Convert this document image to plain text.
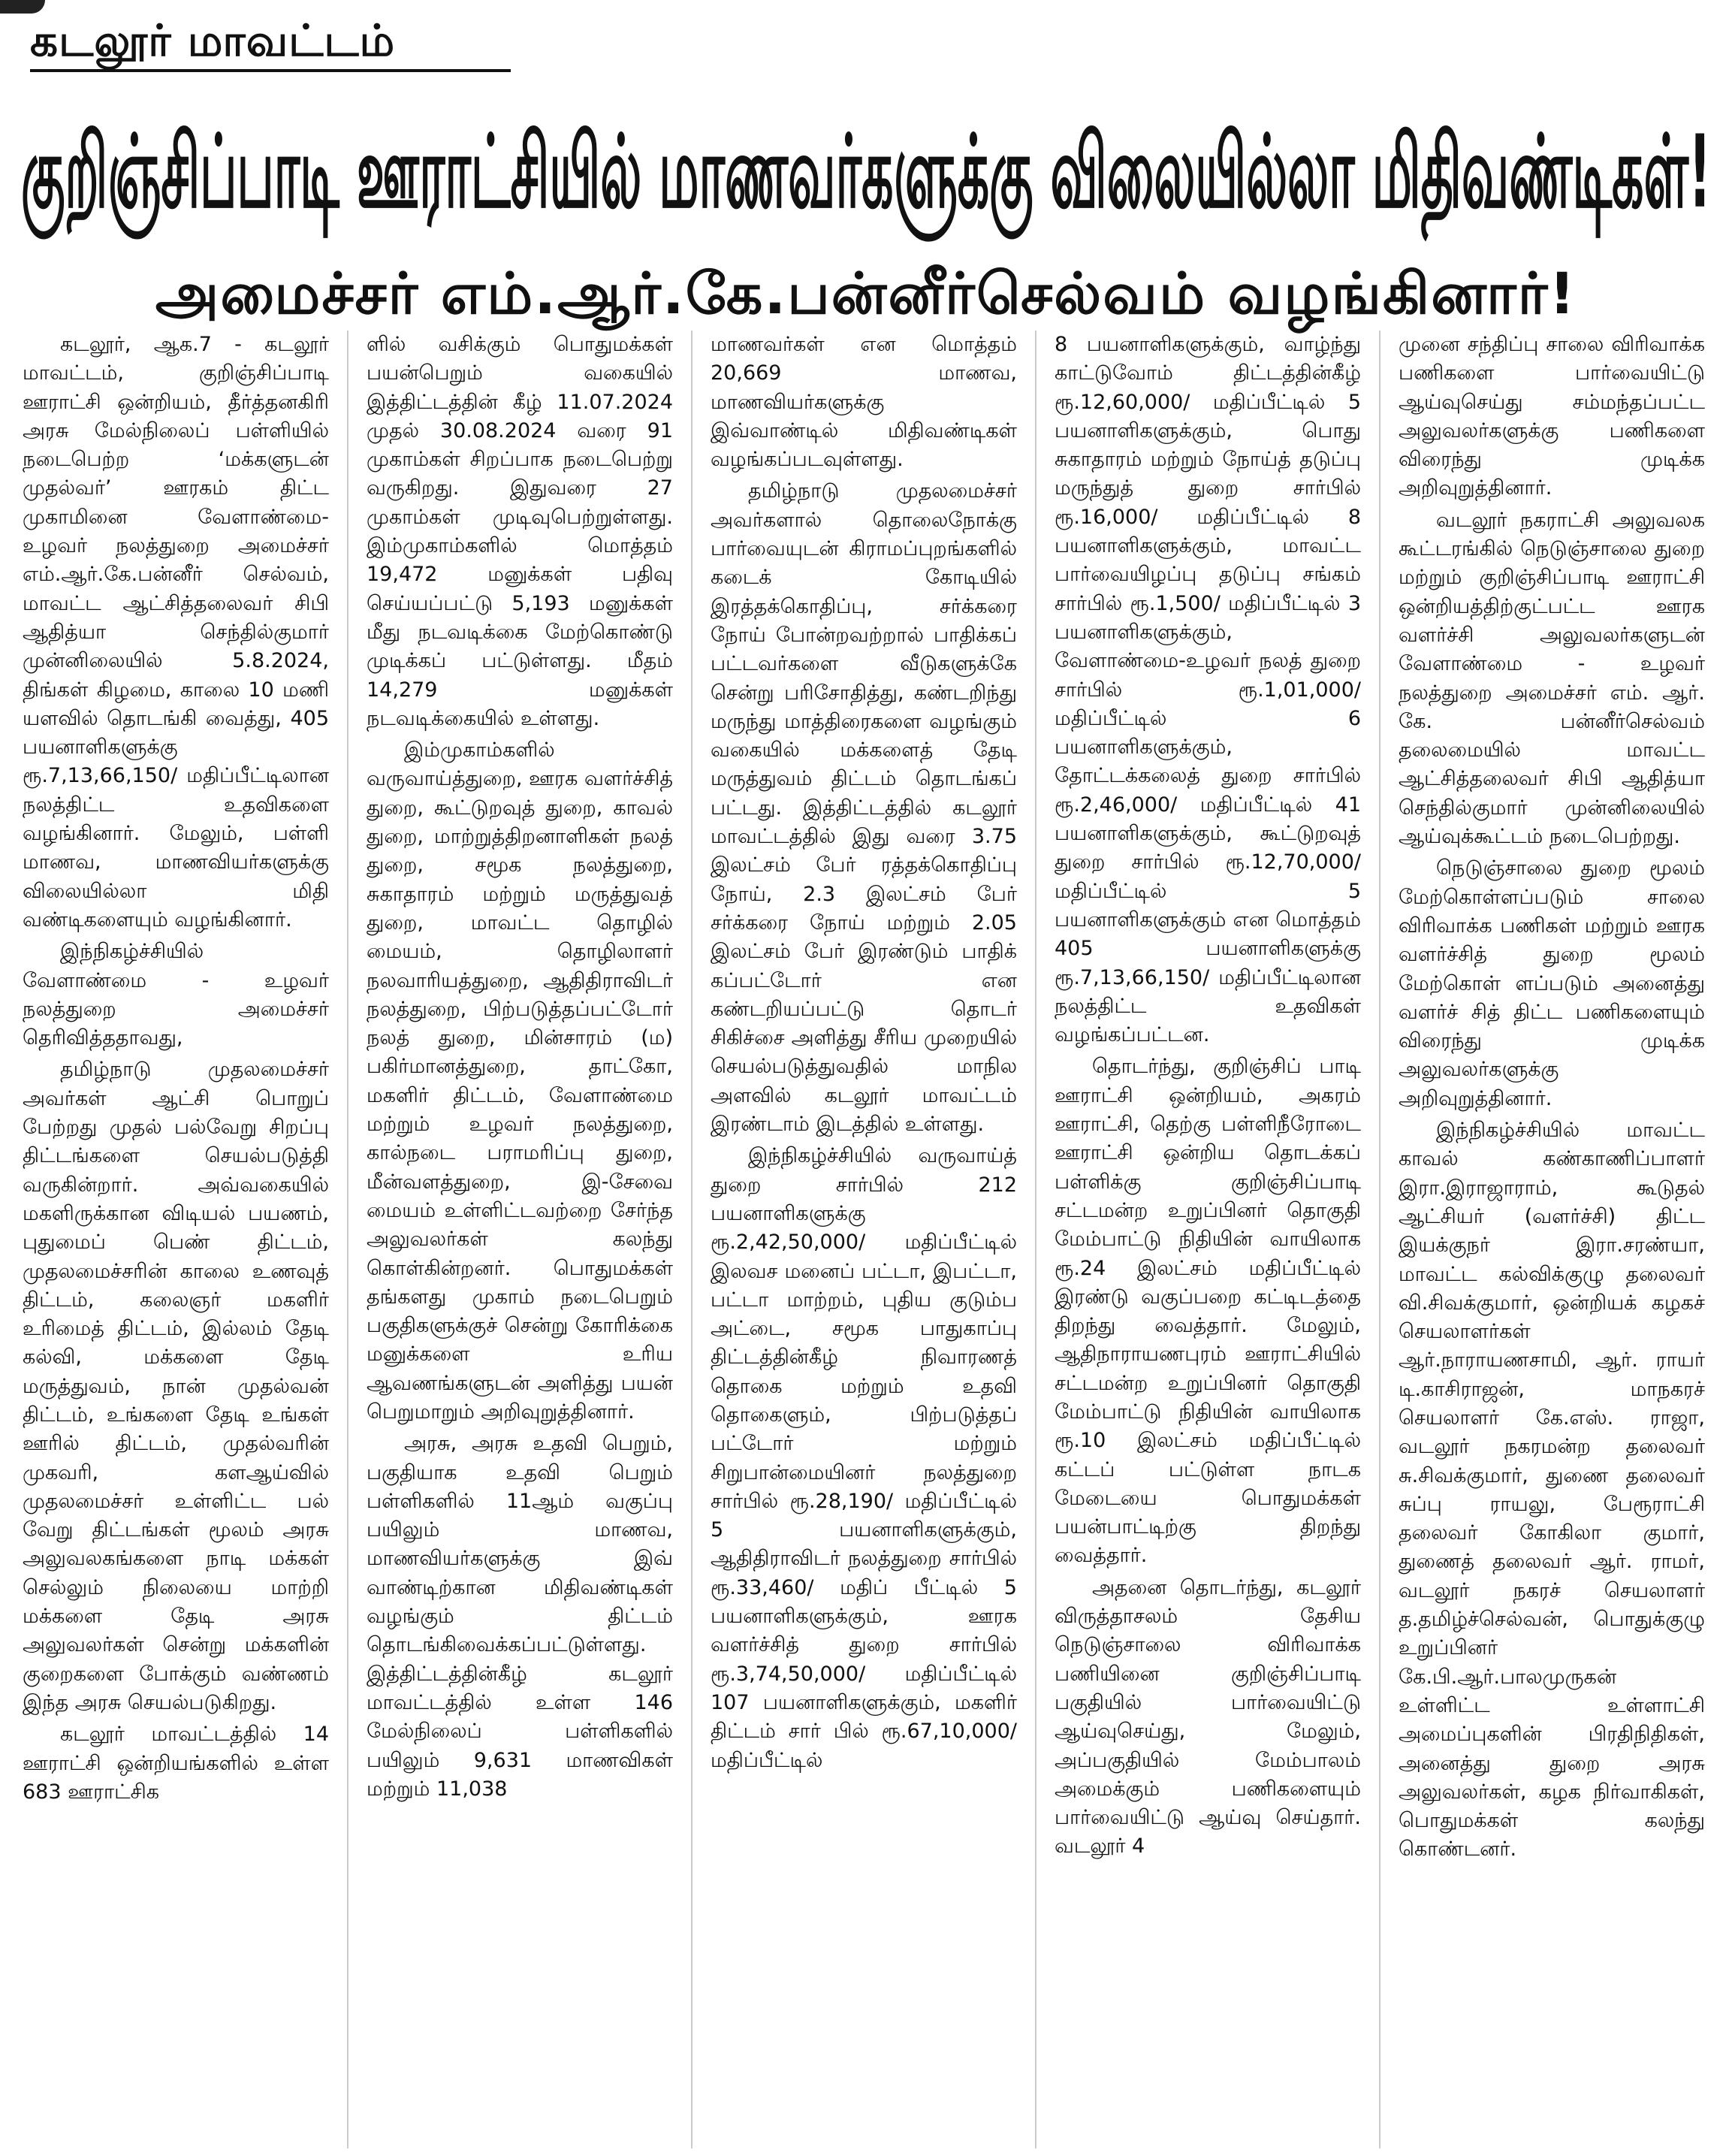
கடலூர் மாவட்டம்
குறிஞ்சிப்பாடி ஊராட்சியில் மாணவர்களுக்கு விலையில்லா மிதிவண்டிகள்!
அமைச்சர் எம்.ஆர்.கே.பன்னீர்செல்வம் வழங்கினார்!

கடலூர், ஆக.7 - கடலூர் மாவட்டம், குறிஞ்சிப்பாடி ஊராட்சி ஒன்றியம், தீர்த்தனகிரி அரசு மேல்நிலைப் பள்ளியில் நடைபெற்ற ‘மக்களுடன் முதல்வர்’ ஊரகம் திட்ட முகாமினை வேளாண்மை-உழவர் நலத்துறை அமைச்சர் எம்.ஆர்.கே.பன்னீர் செல்வம், மாவட்ட ஆட்சித்தலைவர் சிபி ஆதித்யா செந்தில்குமார் முன்னிலையில் 5.8.2024, திங்கள் கிழமை, காலை 10 மணி யளவில் தொடங்கி வைத்து, 405 பயனாளிகளுக்கு ரூ.7,13,66,150/ மதிப்பீட்டிலான நலத்திட்ட உதவிகளை வழங்கினார். மேலும், பள்ளி மாணவ, மாணவியர்களுக்கு விலையில்லா மிதி வண்டிகளையும் வழங்கினார்.

இந்நிகழ்ச்சியில் வேளாண்மை - உழவர் நலத்துறை அமைச்சர் தெரிவித்ததாவது,

தமிழ்நாடு முதலமைச்சர் அவர்கள் ஆட்சி பொறுப் பேற்றது முதல் பல்வேறு சிறப்பு திட்டங்களை செயல்படுத்தி வருகின்றார். அவ்வகையில் மகளிருக்கான விடியல் பயணம், புதுமைப் பெண் திட்டம், முதலமைச்சரின் காலை உணவுத் திட்டம், கலைஞர் மகளிர் உரிமைத் திட்டம், இல்லம் தேடி கல்வி, மக்களை தேடி மருத்துவம், நான் முதல்வன் திட்டம், உங்களை தேடி உங்கள் ஊரில் திட்டம், முதல்வரின் முகவரி, களஆய்வில் முதலமைச்சர் உள்ளிட்ட பல் வேறு திட்டங்கள் மூலம் அரசு அலுவலகங்களை நாடி மக்கள் செல்லும் நிலையை மாற்றி மக்களை தேடி அரசு அலுவலர்கள் சென்று மக்களின் குறைகளை போக்கும் வண்ணம் இந்த அரசு செயல்படுகிறது.

கடலூர் மாவட்டத்தில் 14 ஊராட்சி ஒன்றியங்களில் உள்ள 683 ஊராட்சிக

ளில் வசிக்கும் பொதுமக்கள் பயன்பெறும் வகையில் இத்திட்டத்தின் கீழ் 11.07.2024 முதல் 30.08.2024 வரை 91 முகாம்கள் சிறப்பாக நடைபெற்று வருகிறது. இதுவரை 27 முகாம்கள் முடிவுபெற்றுள்ளது. இம்முகாம்களில் மொத்தம் 19,472 மனுக்கள் பதிவு செய்யப்பட்டு 5,193 மனுக்கள் மீது நடவடிக்கை மேற்கொண்டு முடிக்கப் பட்டுள்ளது. மீதம் 14,279 மனுக்கள் நடவடிக்கையில் உள்ளது.

இம்முகாம்களில் வருவாய்த்துறை, ஊரக வளர்ச்சித் துறை, கூட்டுறவுத் துறை, காவல் துறை, மாற்றுத்திறனாளிகள் நலத் துறை, சமூக நலத்துறை, சுகாதாரம் மற்றும் மருத்துவத் துறை, மாவட்ட தொழில் மையம், தொழிலாளர் நலவாரியத்துறை, ஆதிதிராவிடர் நலத்துறை, பிற்படுத்தப்பட்டோர் நலத் துறை, மின்சாரம் (ம) பகிர்மானத்துறை, தாட்கோ, மகளிர் திட்டம், வேளாண்மை மற்றும் உழவர் நலத்துறை, கால்நடை பராமரிப்பு துறை, மீன்வளத்துறை, இ-சேவை மையம் உள்ளிட்டவற்றை சேர்ந்த அலுவலர்கள் கலந்து கொள்கின்றனர். பொதுமக்கள் தங்களது முகாம் நடைபெறும் பகுதிகளுக்குச் சென்று கோரிக்கை மனுக்களை உரிய ஆவணங்களுடன் அளித்து பயன் பெறுமாறும் அறிவுறுத்தினார்.

அரசு, அரசு உதவி பெறும், பகுதியாக உதவி பெறும் பள்ளிகளில் 11ஆம் வகுப்பு பயிலும் மாணவ, மாணவியர்களுக்கு இவ் வாண்டிற்கான மிதிவண்டிகள் வழங்கும் திட்டம் தொடங்கிவைக்கப்பட்டுள்ளது. இத்திட்டத்தின்கீழ் கடலூர் மாவட்டத்தில் உள்ள 146 மேல்நிலைப் பள்ளிகளில் பயிலும் 9,631 மாணவிகள் மற்றும் 11,038

மாணவர்கள் என மொத்தம் 20,669 மாணவ, மாணவியர்களுக்கு இவ்வாண்டில் மிதிவண்டிகள் வழங்கப்படவுள்ளது.

தமிழ்நாடு முதலமைச்சர் அவர்களால் தொலைநோக்கு பார்வையுடன் கிராமப்புறங்களில் கடைக் கோடியில் இரத்தக்கொதிப்பு, சர்க்கரை நோய் போன்றவற்றால் பாதிக்கப் பட்டவர்களை வீடுகளுக்கே சென்று பரிசோதித்து, கண்டறிந்து மருந்து மாத்திரைகளை வழங்கும் வகையில் மக்களைத் தேடி மருத்துவம் திட்டம் தொடங்கப் பட்டது. இத்திட்டத்தில் கடலூர் மாவட்டத்தில் இது வரை 3.75 இலட்சம் பேர் ரத்தக்கொதிப்பு நோய், 2.3 இலட்சம் பேர் சர்க்கரை நோய் மற்றும் 2.05 இலட்சம் பேர் இரண்டும் பாதிக் கப்பட்டோர் என கண்டறியப்பட்டு தொடர் சிகிச்சை அளித்து சீரிய முறையில் செயல்படுத்துவதில் மாநில அளவில் கடலூர் மாவட்டம் இரண்டாம் இடத்தில் உள்ளது.

இந்நிகழ்ச்சியில் வருவாய்த் துறை சார்பில் 212 பயனாளிகளுக்கு ரூ.2,42,50,000/ மதிப்பீட்டில் இலவச மனைப் பட்டா, இபட்டா, பட்டா மாற்றம், புதிய குடும்ப அட்டை, சமூக பாதுகாப்பு திட்டத்தின்கீழ் நிவாரணத் தொகை மற்றும் உதவி தொகைளும், பிற்படுத்தப் பட்டோர் மற்றும் சிறுபான்மையினர் நலத்துறை சார்பில் ரூ.28,190/ மதிப்பீட்டில் 5 பயனாளிகளுக்கும், ஆதிதிராவிடர் நலத்துறை சார்பில் ரூ.33,460/ மதிப் பீட்டில் 5 பயனாளிகளுக்கும், ஊரக வளர்ச்சித் துறை சார்பில் ரூ.3,74,50,000/ மதிப்பீட்டில் 107 பயனாளிகளுக்கும், மகளிர் திட்டம் சார் பில் ரூ.67,10,000/ மதிப்பீட்டில்

8 பயனாளிகளுக்கும், வாழ்ந்து காட்டுவோம் திட்டத்தின்கீழ் ரூ.12,60,000/ மதிப்பீட்டில் 5 பயனாளிகளுக்கும், பொது சுகாதாரம் மற்றும் நோய்த் தடுப்பு மருந்துத் துறை சார்பில் ரூ.16,000/ மதிப்பீட்டில் 8 பயனாளிகளுக்கும், மாவட்ட பார்வையிழப்பு தடுப்பு சங்கம் சார்பில் ரூ.1,500/ மதிப்பீட்டில் 3 பயனாளிகளுக்கும், வேளாண்மை-உழவர் நலத் துறை சார்பில் ரூ.1,01,000/ மதிப்பீட்டில் 6 பயனாளிகளுக்கும், தோட்டக்கலைத் துறை சார்பில் ரூ.2,46,000/ மதிப்பீட்டில் 41 பயனாளிகளுக்கும், கூட்டுறவுத் துறை சார்பில் ரூ.12,70,000/ மதிப்பீட்டில் 5 பயனாளிகளுக்கும் என மொத்தம் 405 பயனாளிகளுக்கு ரூ.7,13,66,150/ மதிப்பீட்டிலான நலத்திட்ட உதவிகள் வழங்கப்பட்டன.

தொடர்ந்து, குறிஞ்சிப் பாடி ஊராட்சி ஒன்றியம், அகரம் ஊராட்சி, தெற்கு பள்ளிநீரோடை ஊராட்சி ஒன்றிய தொடக்கப் பள்ளிக்கு குறிஞ்சிப்பாடி சட்டமன்ற உறுப்பினர் தொகுதி மேம்பாட்டு நிதியின் வாயிலாக ரூ.24 இலட்சம் மதிப்பீட்டில் இரண்டு வகுப்பறை கட்டிடத்தை திறந்து வைத்தார். மேலும், ஆதிநாராயணபுரம் ஊராட்சியில் சட்டமன்ற உறுப்பினர் தொகுதி மேம்பாட்டு நிதியின் வாயிலாக ரூ.10 இலட்சம் மதிப்பீட்டில் கட்டப் பட்டுள்ள நாடக மேடையை பொதுமக்கள் பயன்பாட்டிற்கு திறந்து வைத்தார்.

அதனை தொடர்ந்து, கடலூர் விருத்தாசலம் தேசிய நெடுஞ்சாலை விரிவாக்க பணியினை குறிஞ்சிப்பாடி பகுதியில் பார்வையிட்டு ஆய்வுசெய்து, மேலும், அப்பகுதியில் மேம்பாலம் அமைக்கும் பணிகளையும் பார்வையிட்டு ஆய்வு செய்தார். வடலூர் 4

முனை சந்திப்பு சாலை விரிவாக்க பணிகளை பார்வையிட்டு ஆய்வுசெய்து சம்மந்தப்பட்ட அலுவலர்களுக்கு பணிகளை விரைந்து முடிக்க அறிவுறுத்தினார்.

வடலூர் நகராட்சி அலுவலக கூட்டரங்கில் நெடுஞ்சாலை துறை மற்றும் குறிஞ்சிப்பாடி ஊராட்சி ஒன்றியத்திற்குட்பட்ட ஊரக வளர்ச்சி அலுவலர்களுடன் வேளாண்மை - உழவர் நலத்துறை அமைச்சர் எம். ஆர். கே. பன்னீர்செல்வம் தலைமையில் மாவட்ட ஆட்சித்தலைவர் சிபி ஆதித்யா செந்தில்குமார் முன்னிலையில் ஆய்வுக்கூட்டம் நடைபெற்றது.

நெடுஞ்சாலை துறை மூலம் மேற்கொள்ளப்படும் சாலை விரிவாக்க பணிகள் மற்றும் ஊரக வளர்ச்சித் துறை மூலம் மேற்கொள் ளப்படும் அனைத்து வளர்ச் சித் திட்ட பணிகளையும் விரைந்து முடிக்க அலுவலர்களுக்கு அறிவுறுத்தினார்.

இந்நிகழ்ச்சியில் மாவட்ட காவல் கண்காணிப்பாளர் இரா.இராஜாராம், கூடுதல் ஆட்சியர் (வளர்ச்சி) திட்ட இயக்குநர் இரா.சரண்யா, மாவட்ட கல்விக்குழு தலைவர் வி.சிவக்குமார், ஒன்றியக் கழகச் செயலாளர்கள் ஆர்.நாராயணசாமி, ஆர். ராயர் டி.காசிராஜன், மாநகரச் செயலாளர் கே.எஸ். ராஜா, வடலூர் நகரமன்ற தலைவர் சு.சிவக்குமார், துணை தலைவர் சுப்பு ராயலு, பேரூராட்சி தலைவர் கோகிலா குமார், துணைத் தலைவர் ஆர். ராமர், வடலூர் நகரச் செயலாளர் த.தமிழ்ச்செல்வன், பொதுக்குழு உறுப்பினர் கே.பி.ஆர்.பாலமுருகன் உள்ளிட்ட உள்ளாட்சி அமைப்புகளின் பிரதிநிதிகள், அனைத்து துறை அரசு அலுவலர்கள், கழக நிர்வாகிகள், பொதுமக்கள் கலந்து கொண்டனர்.
